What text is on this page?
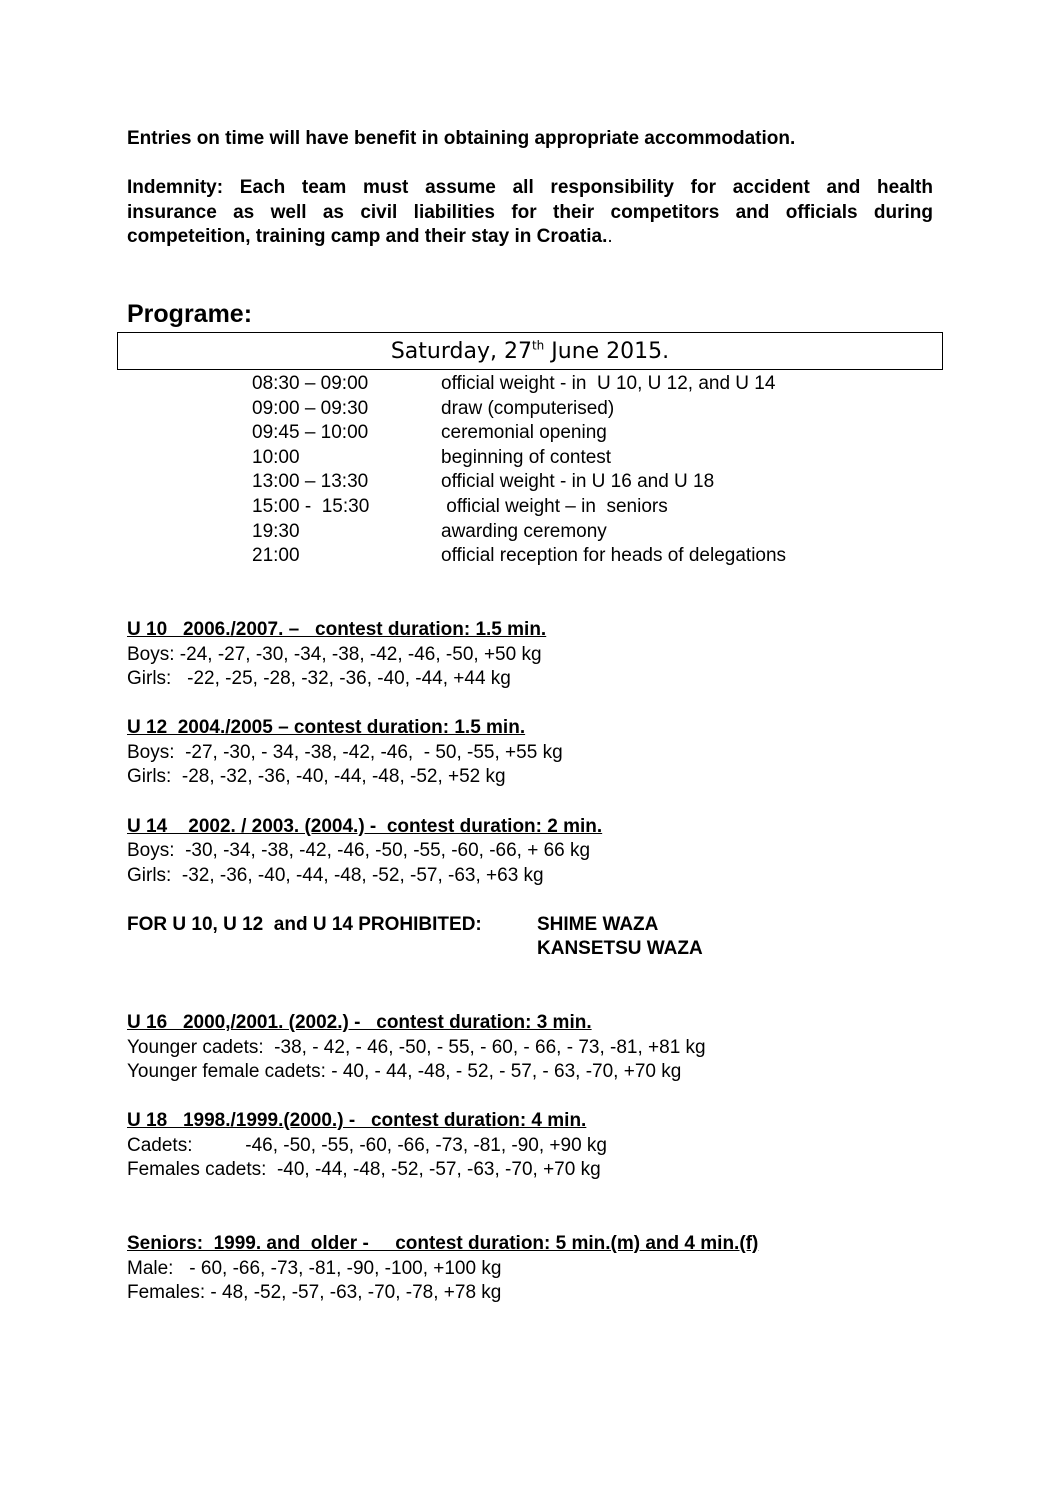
Entries on time will have benefit in obtaining appropriate accommodation.
Indemnity: Each team must assume all responsibility for accident and health
insurance as well as civil liabilities for their competitors and officials during
competeition, training camp and their stay in Croatia..
Programe:
Saturday, 27th June 2015.
08:30 – 09:00	official weight - in  U 10, U 12, and U 14
09:00 – 09:30	draw (computerised)
09:45 – 10:00	ceremonial opening
10:00	beginning of contest
13:00 – 13:30	official weight - in U 16 and U 18
15:00 -  15:30	official weight – in  seniors
19:30	awarding ceremony
21:00	official reception for heads of delegations
U 10   2006./2007. –   contest duration: 1.5 min.
Boys: -24, -27, -30, -34, -38, -42, -46, -50, +50 kg
Girls:   -22, -25, -28, -32, -36, -40, -44, +44 kg
U 12  2004./2005 – contest duration: 1.5 min.
Boys:  -27, -30, - 34, -38, -42, -46,  - 50, -55, +55 kg
Girls:  -28, -32, -36, -40, -44, -48, -52, +52 kg
U 14    2002. / 2003. (2004.) -  contest duration: 2 min.
Boys:  -30, -34, -38, -42, -46, -50, -55, -60, -66, + 66 kg
Girls:  -32, -36, -40, -44, -48, -52, -57, -63, +63 kg
FOR U 10, U 12  and U 14 PROHIBITED:	SHIME WAZA
KANSETSU WAZA
U 16   2000,/2001. (2002.) -   contest duration: 3 min.
Younger cadets:  -38, - 42, - 46, -50, - 55, - 60, - 66, - 73, -81, +81 kg
Younger female cadets: - 40, - 44, -48, - 52, - 57, - 63, -70, +70 kg
U 18   1998./1999.(2000.) -   contest duration: 4 min.
Cadets:          -46, -50, -55, -60, -66, -73, -81, -90, +90 kg
Females cadets:  -40, -44, -48, -52, -57, -63, -70, +70 kg
Seniors:  1999. and  older -     contest duration: 5 min.(m) and 4 min.(f)
Male:   - 60, -66, -73, -81, -90, -100, +100 kg
Females: - 48, -52, -57, -63, -70, -78, +78 kg
